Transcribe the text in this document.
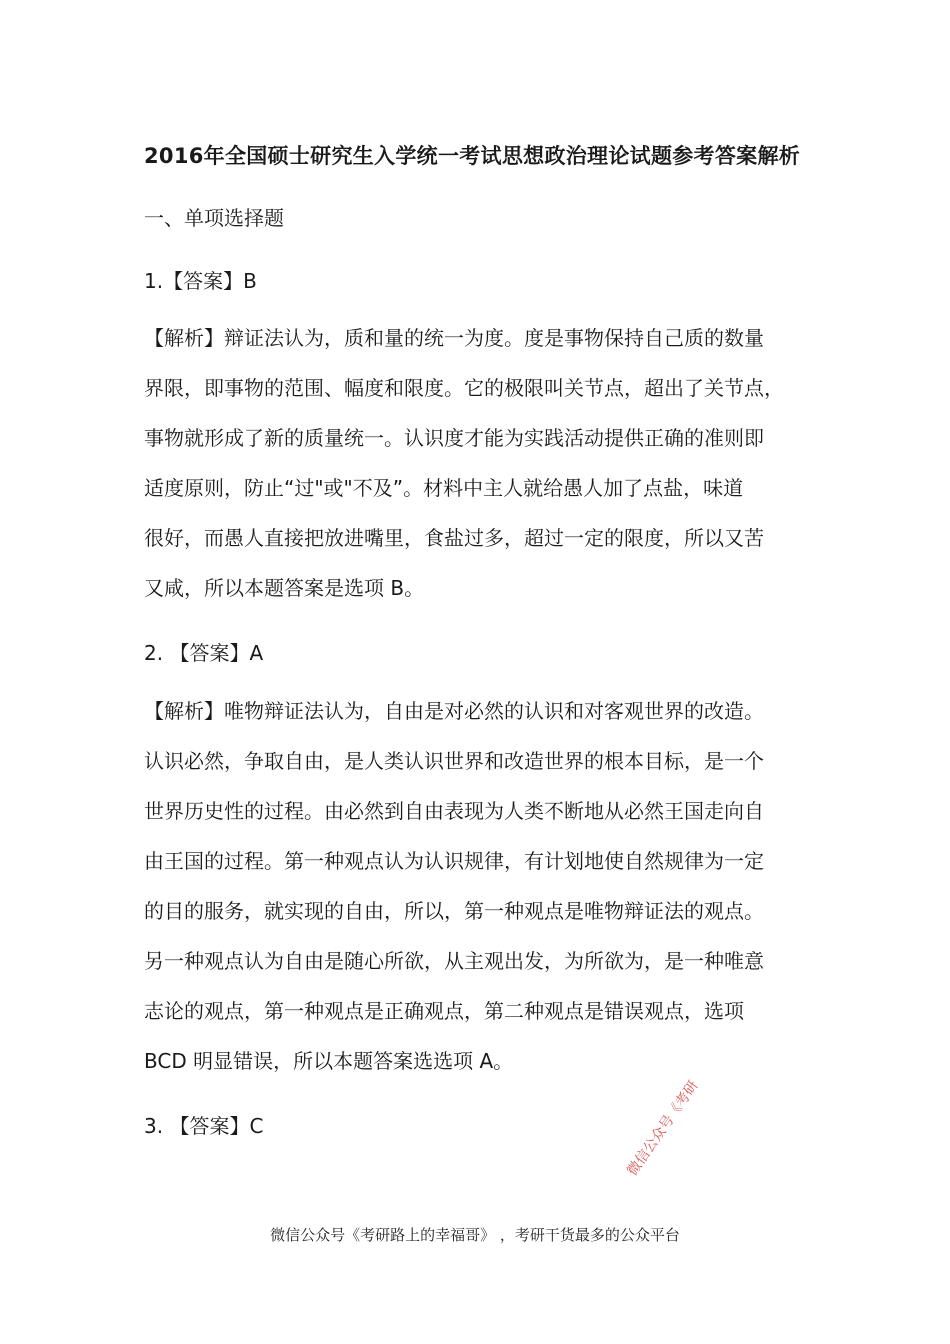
2016年全国硕士研究生入学统一考试思想政治理论试题参考答案解析
一、单项选择题
1.【答案】B
【解析】辩证法认为，质和量的统一为度。度是事物保持自己质的数量
界限，即事物的范围、幅度和限度。它的极限叫关节点，超出了关节点，
事物就形成了新的质量统一。认识度才能为实践活动提供正确的准则即
适度原则，防止“过"或"不及”。材料中主人就给愚人加了点盐，味道
很好，而愚人直接把放进嘴里，食盐过多，超过一定的限度，所以又苦
又咸，所以本题答案是选项 B。
2. 【答案】A
【解析】唯物辩证法认为，自由是对必然的认识和对客观世界的改造。
认识必然，争取自由，是人类认识世界和改造世界的根本目标，是一个
世界历史性的过程。由必然到自由表现为人类不断地从必然王国走向自
由王国的过程。第一种观点认为认识规律，有计划地使自然规律为一定
的目的服务，就实现的自由，所以，第一种观点是唯物辩证法的观点。
另一种观点认为自由是随心所欲，从主观出发，为所欲为，是一种唯意
志论的观点，第一种观点是正确观点，第二种观点是错误观点，选项
BCD 明显错误，所以本题答案选选项 A。
3. 【答案】C	微信公众号《考研
微信公众号《考研路上的幸福哥》 ，考研干货最多的公众平台
